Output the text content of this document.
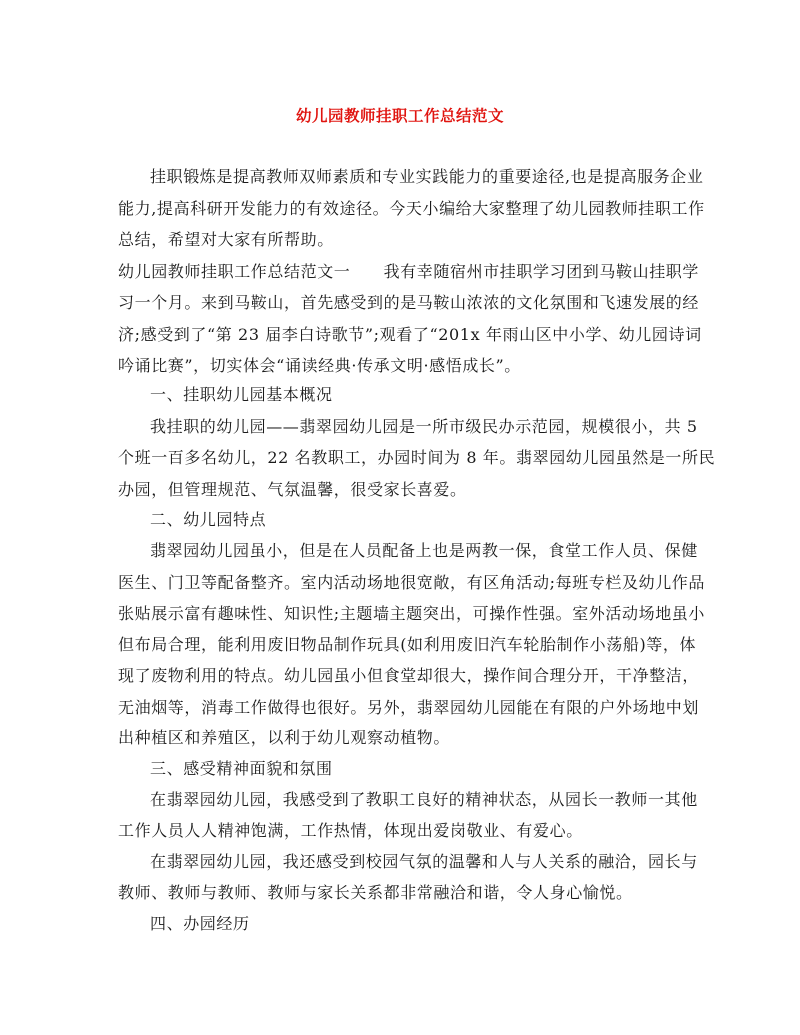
幼儿园教师挂职工作总结范文
挂职锻炼是提高教师双师素质和专业实践能力的重要途径,也是提高服务企业
能力,提高科研开发能力的有效途径。今天小编给大家整理了幼儿园教师挂职工作
总结，希望对大家有所帮助。
幼儿园教师挂职工作总结范文一　　我有幸随宿州市挂职学习团到马鞍山挂职学
习一个月。来到马鞍山，首先感受到的是马鞍山浓浓的文化氛围和飞速发展的经
济;感受到了“第 23 届李白诗歌节”;观看了“201x 年雨山区中小学、幼儿园诗词
吟诵比赛”，切实体会“诵读经典·传承文明·感悟成长”。
一、挂职幼儿园基本概况
我挂职的幼儿园——翡翠园幼儿园是一所市级民办示范园，规模很小，共 5
个班一百多名幼儿，22 名教职工，办园时间为 8 年。翡翠园幼儿园虽然是一所民
办园，但管理规范、气氛温馨，很受家长喜爱。
二、幼儿园特点
翡翠园幼儿园虽小，但是在人员配备上也是两教一保，食堂工作人员、保健
医生、门卫等配备整齐。室内活动场地很宽敞，有区角活动;每班专栏及幼儿作品
张贴展示富有趣味性、知识性;主题墙主题突出，可操作性强。室外活动场地虽小
但布局合理，能利用废旧物品制作玩具(如利用废旧汽车轮胎制作小荡船)等，体
现了废物利用的特点。幼儿园虽小但食堂却很大，操作间合理分开，干净整洁，
无油烟等，消毒工作做得也很好。另外，翡翠园幼儿园能在有限的户外场地中划
出种植区和养殖区，以利于幼儿观察动植物。
三、感受精神面貌和氛围
在翡翠园幼儿园，我感受到了教职工良好的精神状态，从园长一教师一其他
工作人员人人精神饱满，工作热情，体现出爱岗敬业、有爱心。
在翡翠园幼儿园，我还感受到校园气氛的温馨和人与人关系的融洽，园长与
教师、教师与教师、教师与家长关系都非常融洽和谐，令人身心愉悦。
四、办园经历
